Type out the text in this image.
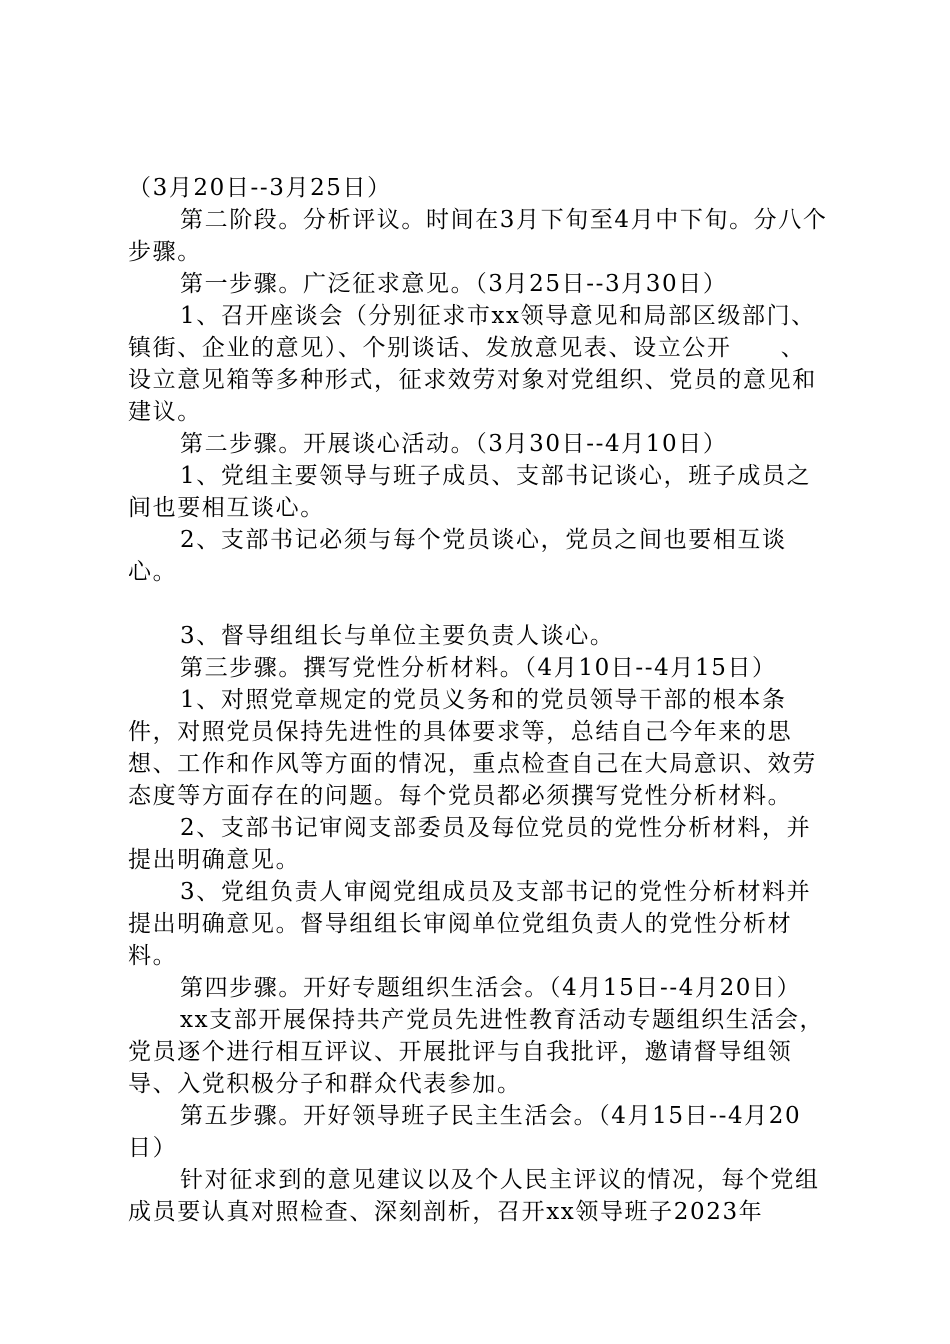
（3月20日--3月25日）

第二阶段。分析评议。时间在3月下旬至4月中下旬。分八个步骤。

第一步骤。广泛征求意见。（3月25日--3月30日）

1、召开座谈会（分别征求市xx领导意见和局部区级部门、镇街、企业的意见）、个别谈话、发放意见表、设立公开　　、设立意见箱等多种形式，征求效劳对象对党组织、党员的意见和建议。

第二步骤。开展谈心活动。（3月30日--4月10日）

1、党组主要领导与班子成员、支部书记谈心，班子成员之间也要相互谈心。

2、支部书记必须与每个党员谈心，党员之间也要相互谈心。

3、督导组组长与单位主要负责人谈心。

第三步骤。撰写党性分析材料。（4月10日--4月15日）

1、对照党章规定的党员义务和的党员领导干部的根本条件，对照党员保持先进性的具体要求等，总结自己今年来的思想、工作和作风等方面的情况，重点检查自己在大局意识、效劳态度等方面存在的问题。每个党员都必须撰写党性分析材料。

2、支部书记审阅支部委员及每位党员的党性分析材料，并提出明确意见。

3、党组负责人审阅党组成员及支部书记的党性分析材料并提出明确意见。督导组组长审阅单位党组负责人的党性分析材料。

第四步骤。开好专题组织生活会。（4月15日--4月20日）

xx支部开展保持共产党员先进性教育活动专题组织生活会，党员逐个进行相互评议、开展批评与自我批评，邀请督导组领导、入党积极分子和群众代表参加。

第五步骤。开好领导班子民主生活会。（4月15日--4月20日）

针对征求到的意见建议以及个人民主评议的情况，每个党组成员要认真对照检查、深刻剖析，召开xx领导班子2023年
